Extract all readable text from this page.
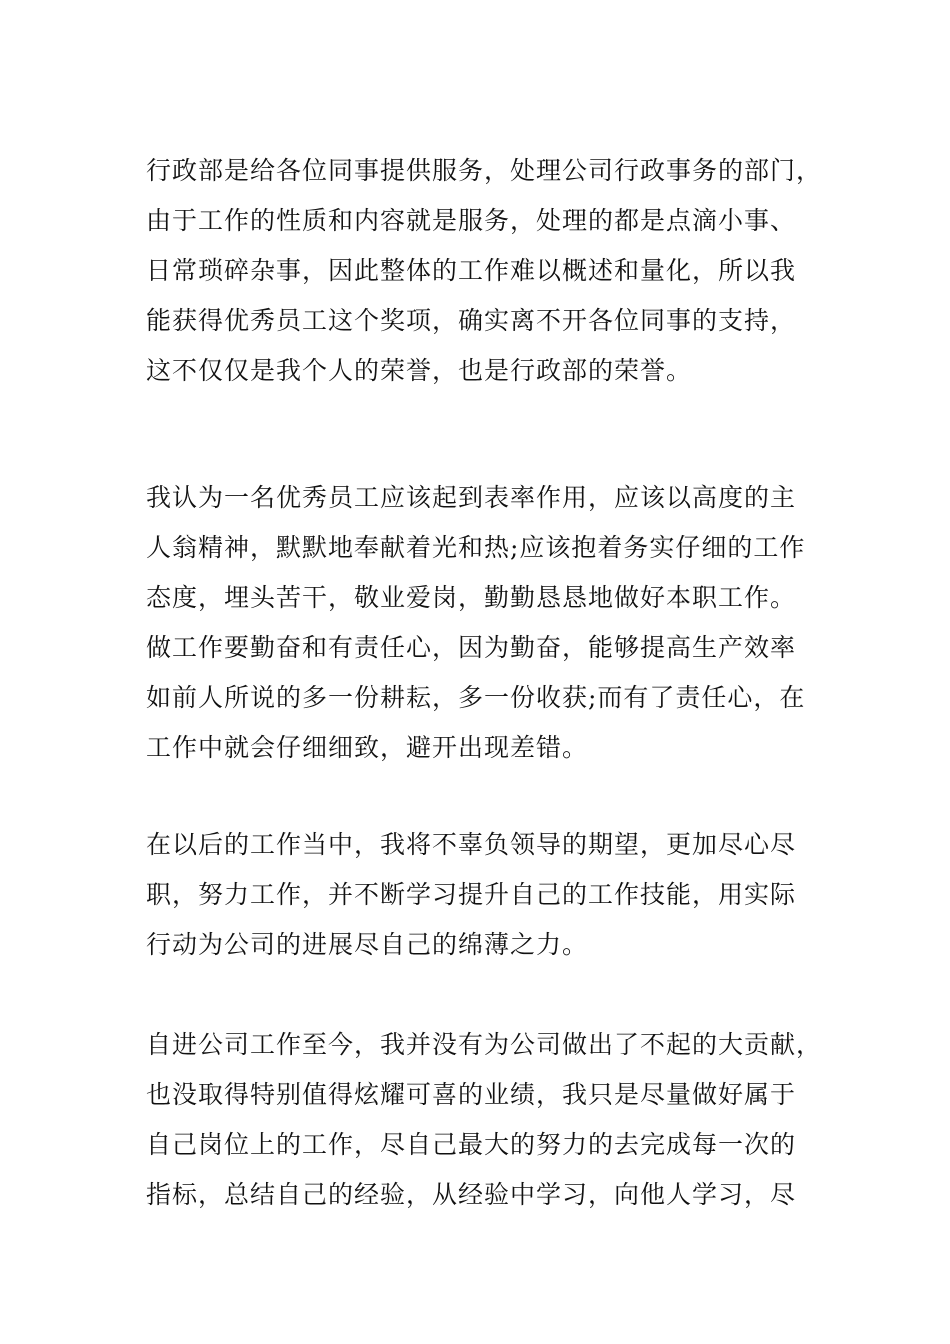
行政部是给各位同事提供服务，处理公司行政事务的部门，
由于工作的性质和内容就是服务，处理的都是点滴小事、
日常琐碎杂事，因此整体的工作难以概述和量化，所以我
能获得优秀员工这个奖项，确实离不开各位同事的支持，
这不仅仅是我个人的荣誉，也是行政部的荣誉。
我认为一名优秀员工应该起到表率作用，应该以高度的主
人翁精神，默默地奉献着光和热;应该抱着务实仔细的工作
态度，埋头苦干，敬业爱岗，勤勤恳恳地做好本职工作。
做工作要勤奋和有责任心，因为勤奋，能够提高生产效率
如前人所说的多一份耕耘，多一份收获;而有了责任心，在
工作中就会仔细细致，避开出现差错。
在以后的工作当中，我将不辜负领导的期望，更加尽心尽
职，努力工作，并不断学习提升自己的工作技能，用实际
行动为公司的进展尽自己的绵薄之力。
自进公司工作至今，我并没有为公司做出了不起的大贡献，
也没取得特别值得炫耀可喜的业绩，我只是尽量做好属于
自己岗位上的工作，尽自己最大的努力的去完成每一次的
指标，总结自己的经验，从经验中学习，向他人学习，尽
